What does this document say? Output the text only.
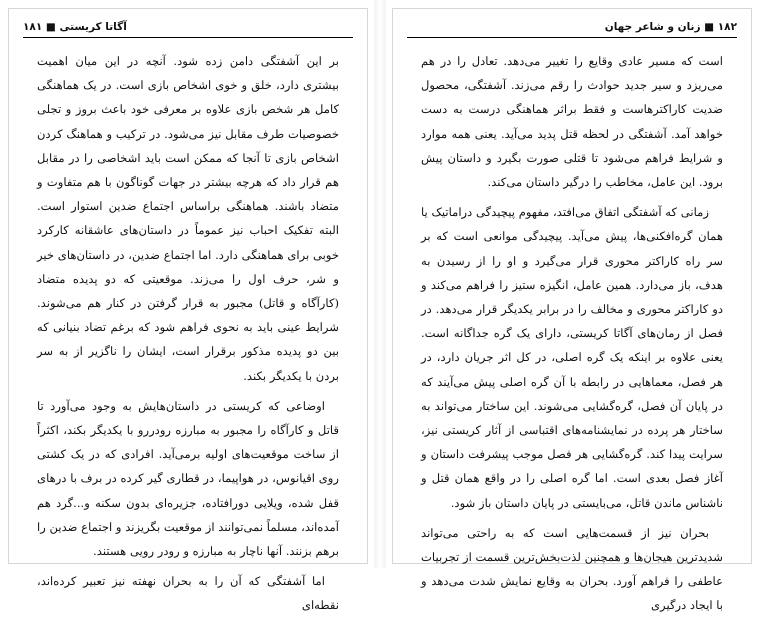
آگاتا کریستی ■ ۱۸۱

بر این آشفتگی دامن زده شود. آنچه در این میان اهمیت بیشتری دارد، خلق و خوی اشخاص بازی است. در یک هماهنگی کامل هر شخص بازی علاوه بر معرفی خود باعث بروز و تجلی خصوصیات طرف مقابل نیز می‌شود. در ترکیب و هماهنگ کردن اشخاص بازی تا آنجا که ممکن است باید اشخاصی را در مقابل هم قرار داد که هرچه بیشتر در جهات گوناگون با هم متفاوت و متضاد باشند. هماهنگی براساس اجتماع ضدین استوار است. البته تفکیک احباب نیز عموماً در داستان‌های عاشقانه کارکرد خوبی برای هماهنگی دارد. اما اجتماع ضدین، در داستان‌های خیر و شر، حرف اول را می‌زند. موقعیتی که دو پدیده متضاد (کارآگاه و قاتل) مجبور به قرار گرفتن در کنار هم می‌شوند. شرایط عینی باید به نحوی فراهم شود که برغم تضاد بنیانی که بین دو پدیده مذکور برقرار است، ایشان را ناگزیر از به سر بردن با یکدیگر بکند.

اوضاعی که کریستی در داستان‌هایش به وجود می‌آورد تا قاتل و کارآگاه را مجبور به مبارزه رودررو با یکدیگر بکند، اکثراً از ساخت موقعیت‌های اولیه برمی‌آید. افرادی که در یک کشتی روی اقیانوس، در هواپیما، در قطاری گیر کرده در برف با درهای قفل شده، ویلایی دورافتاده، جزیره‌ای بدون سکنه و...گرد هم آمده‌اند، مسلماً نمی‌توانند از موقعیت بگریزند و اجتماع ضدین را برهم بزنند. آنها ناچار به مبارزه و رودر رویی هستند.

اما آشفتگی که آن را به بحران نهفته نیز تعبیر کرده‌اند، نقطه‌ای

۱۸۲ ■ زنان و شاعر جهان

است که مسیر عادی وقایع را تغییر می‌دهد. تعادل را در هم می‌ریزد و سیر جدید حوادث را رقم می‌زند. آشفتگی، محصول ضدیت کاراکترهاست و فقط براثر هماهنگی درست به دست خواهد آمد. آشفتگی در لحظه قتل پدید می‌آید. یعنی همه موارد و شرایط فراهم می‌شود تا قتلی صورت بگیرد و داستان پیش برود. این عامل، مخاطب را درگیر داستان می‌کند.

زمانی که آشفتگی اتفاق می‌افتد، مفهوم پیچیدگی دراماتیک یا همان گره‌افکنی‌ها، پیش می‌آید. پیچیدگی موانعی است که بر سر راه کاراکتر محوری قرار می‌گیرد و او را از رسیدن به هدف، باز می‌دارد. همین عامل، انگیزه ستیز را فراهم می‌کند و دو کاراکتر محوری و مخالف را در برابر یکدیگر قرار می‌دهد. در فصل از رمان‌های آگاتا کریستی، دارای یک گره جداگانه است. یعنی علاوه بر اینکه یک گره اصلی، در کل اثر جریان دارد، در هر فصل، معماهایی در رابطه با آن گره اصلی پیش می‌آیند که در پایان آن فصل، گره‌گشایی می‌شوند. این ساختار می‌تواند به ساختار هر پرده در نمایشنامه‌های اقتباسی از آثار کریستی نیز، سرایت پیدا کند. گره‌گشایی هر فصل موجب پیشرفت داستان و آغاز فصل بعدی است. اما گره اصلی را در واقع همان قتل و ناشناس ماندن قاتل، می‌بایستی در پایان داستان باز شود.

بحران نیز از قسمت‌هایی است که به راحتی می‌تواند شدیدترین هیجان‌ها و همچنین لذت‌بخش‌ترین قسمت از تجربیات عاطفی را فراهم آورد. بحران به وقایع نمایش شدت می‌دهد و با ایجاد درگیری
